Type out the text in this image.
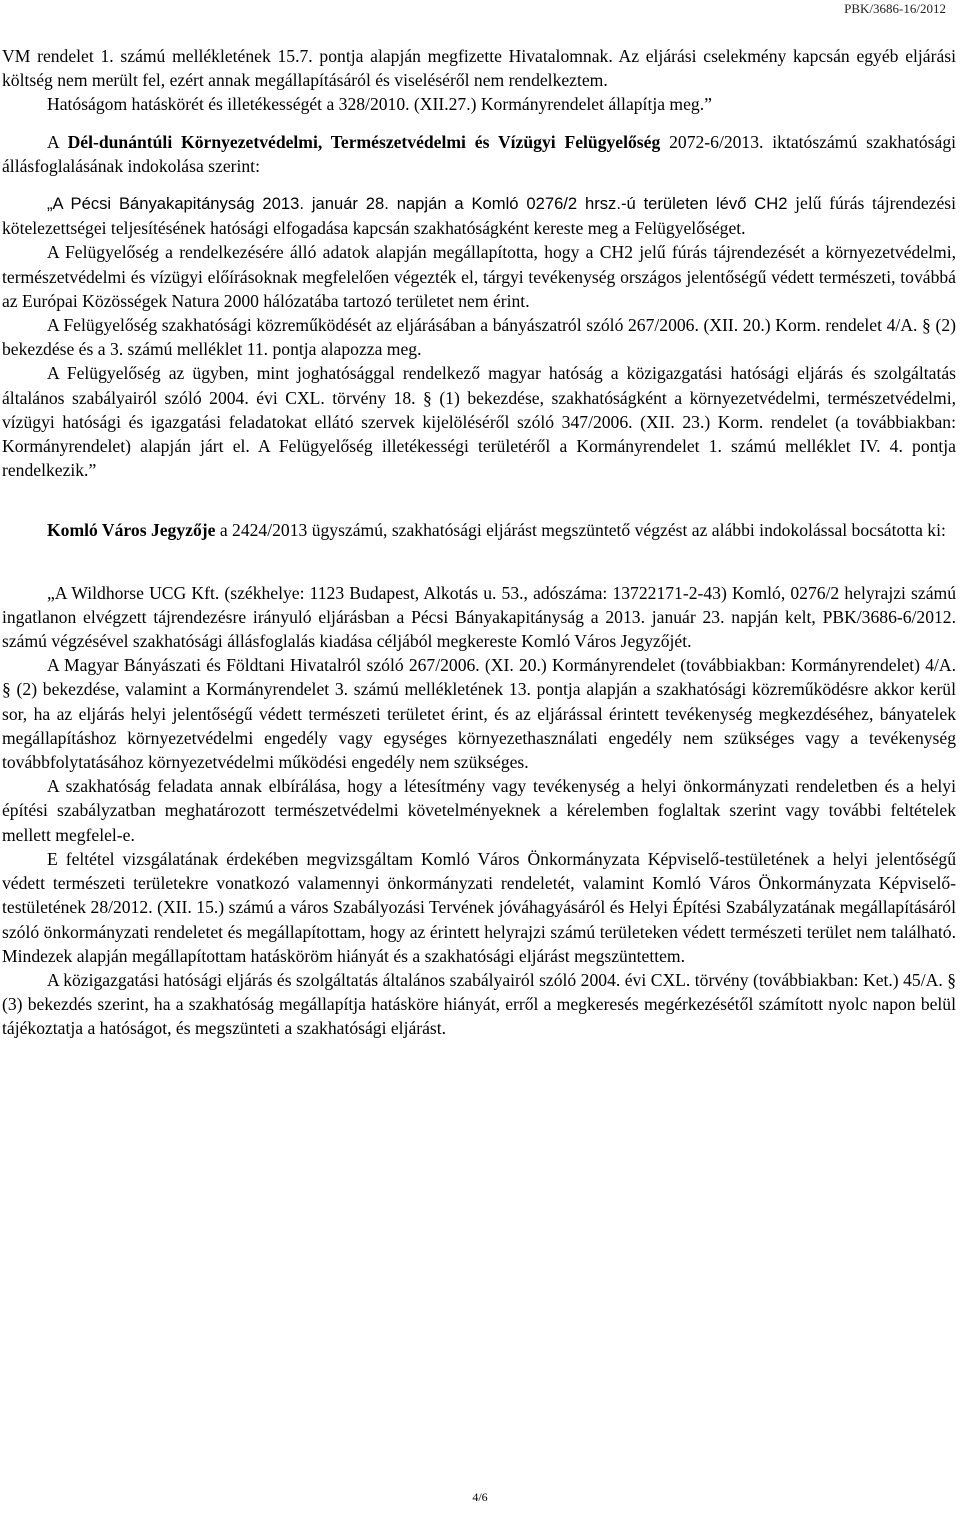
PBK/3686-16/2012

VM rendelet 1. számú mellékletének 15.7. pontja alapján megfizette Hivatalomnak. Az eljárási cselekmény kapcsán egyéb eljárási költség nem merült fel, ezért annak megállapításáról és viseléséről nem rendelkeztem.

Hatóságom hatáskörét és illetékességét a 328/2010. (XII.27.) Kormányrendelet állapítja meg.”

A Dél-dunántúli Környezetvédelmi, Természetvédelmi és Vízügyi Felügyelőség 2072-6/2013. iktatószámú szakhatósági állásfoglalásának indokolása szerint:

„A Pécsi Bányakapitányság 2013. január 28. napján a Komló 0276/2 hrsz.-ú területen lévő CH2 jelű fúrás tájrendezési kötelezettségei teljesítésének hatósági elfogadása kapcsán szakhatóságként kereste meg a Felügyelőséget.

A Felügyelőség a rendelkezésére álló adatok alapján megállapította, hogy a CH2 jelű fúrás tájrendezését a környezetvédelmi, természetvédelmi és vízügyi előírásoknak megfelelően végezték el, tárgyi tevékenység országos jelentőségű védett természeti, továbbá az Európai Közösségek Natura 2000 hálózatába tartozó területet nem érint.

A Felügyelőség szakhatósági közreműködését az eljárásában a bányászatról szóló 267/2006. (XII. 20.) Korm. rendelet 4/A. § (2) bekezdése és a 3. számú melléklet 11. pontja alapozza meg.

A Felügyelőség az ügyben, mint joghatósággal rendelkező magyar hatóság a közigazgatási hatósági eljárás és szolgáltatás általános szabályairól szóló 2004. évi CXL. törvény 18. § (1) bekezdése, szakhatóságként a környezetvédelmi, természetvédelmi, vízügyi hatósági és igazgatási feladatokat ellátó szervek kijelöléséről szóló 347/2006. (XII. 23.) Korm. rendelet (a továbbiakban: Kormányrendelet) alapján járt el. A Felügyelőség illetékességi területéről a Kormányrendelet 1. számú melléklet IV. 4. pontja rendelkezik.”

Komló Város Jegyzője a 2424/2013 ügyszámú, szakhatósági eljárást megszüntető végzést az alábbi indokolással bocsátotta ki:

„A Wildhorse UCG Kft. (székhelye: 1123 Budapest, Alkotás u. 53., adószáma: 13722171-2-43) Komló, 0276/2 helyrajzi számú ingatlanon elvégzett tájrendezésre irányuló eljárásban a Pécsi Bányakapitányság a 2013. január 23. napján kelt, PBK/3686-6/2012. számú végzésével szakhatósági állásfoglalás kiadása céljából megkereste Komló Város Jegyzőjét.

A Magyar Bányászati és Földtani Hivatalról szóló 267/2006. (XI. 20.) Kormányrendelet (továbbiakban: Kormányrendelet) 4/A. § (2) bekezdése, valamint a Kormányrendelet 3. számú mellékletének 13. pontja alapján a szakhatósági közreműködésre akkor kerül sor, ha az eljárás helyi jelentőségű védett természeti területet érint, és az eljárással érintett tevékenység megkezdéséhez, bányatelek megállapításhoz környezetvédelmi engedély vagy egységes környezethasználati engedély nem szükséges vagy a tevékenység továbbfolytatásához környezetvédelmi működési engedély nem szükséges.

A szakhatóság feladata annak elbírálása, hogy a létesítmény vagy tevékenység a helyi önkormányzati rendeletben és a helyi építési szabályzatban meghatározott természetvédelmi követelményeknek a kérelemben foglaltak szerint vagy további feltételek mellett megfelel-e.

E feltétel vizsgálatának érdekében megvizsgáltam Komló Város Önkormányzata Képviselő-testületének a helyi jelentőségű védett természeti területekre vonatkozó valamennyi önkormányzati rendeletét, valamint Komló Város Önkormányzata Képviselő-testületének 28/2012. (XII. 15.) számú a város Szabályozási Tervének jóváhagyásáról és Helyi Építési Szabályzatának megállapításáról szóló önkormányzati rendeletet és megállapítottam, hogy az érintett helyrajzi számú területeken védett természeti terület nem található. Mindezek alapján megállapítottam hatásköröm hiányát és a szakhatósági eljárást megszüntettem.

A közigazgatási hatósági eljárás és szolgáltatás általános szabályairól szóló 2004. évi CXL. törvény (továbbiakban: Ket.) 45/A. § (3) bekezdés szerint, ha a szakhatóság megállapítja hatásköre hiányát, erről a megkeresés megérkezésétől számított nyolc napon belül tájékoztatja a hatóságot, és megszünteti a szakhatósági eljárást.

4/6
